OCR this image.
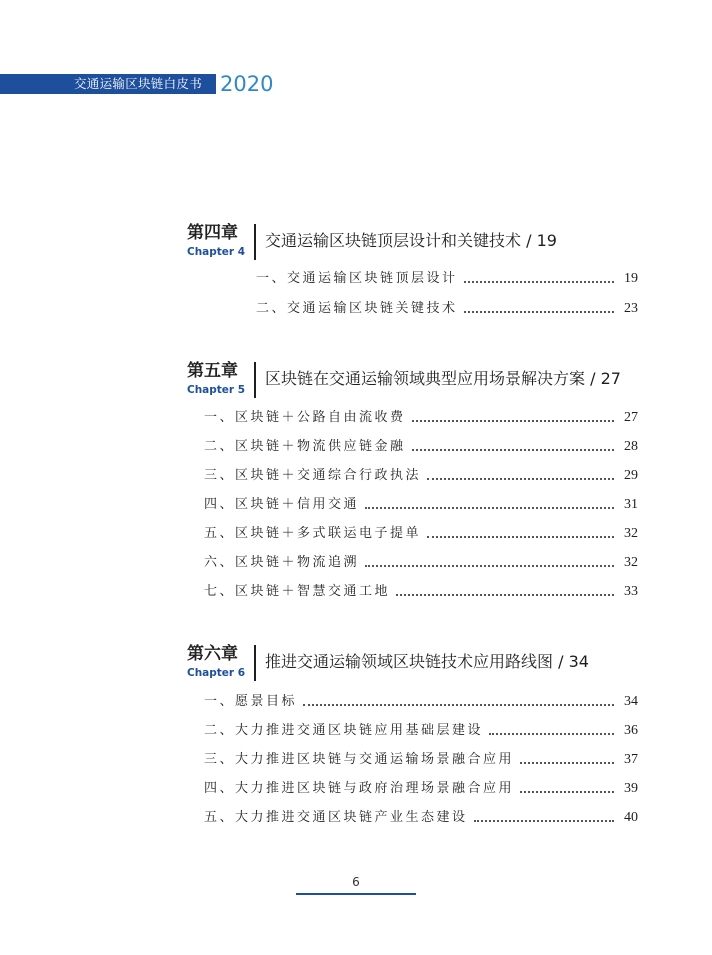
交通运输区块链白皮书 2020
第四章
Chapter 4
交通运输区块链顶层设计和关键技术 / 19
一、交通运输区块链顶层设计	19
二、交通运输区块链关键技术	23
第五章
Chapter 5
区块链在交通运输领域典型应用场景解决方案 / 27
一、区块链＋公路自由流收费	27
二、区块链＋物流供应链金融	28
三、区块链＋交通综合行政执法	29
四、区块链＋信用交通	31
五、区块链＋多式联运电子提单	32
六、区块链＋物流追溯	32
七、区块链＋智慧交通工地	33
第六章
Chapter 6
推进交通运输领域区块链技术应用路线图 / 34
一、愿景目标	34
二、大力推进交通区块链应用基础层建设	36
三、大力推进区块链与交通运输场景融合应用	37
四、大力推进区块链与政府治理场景融合应用	39
五、大力推进交通区块链产业生态建设	40
6
